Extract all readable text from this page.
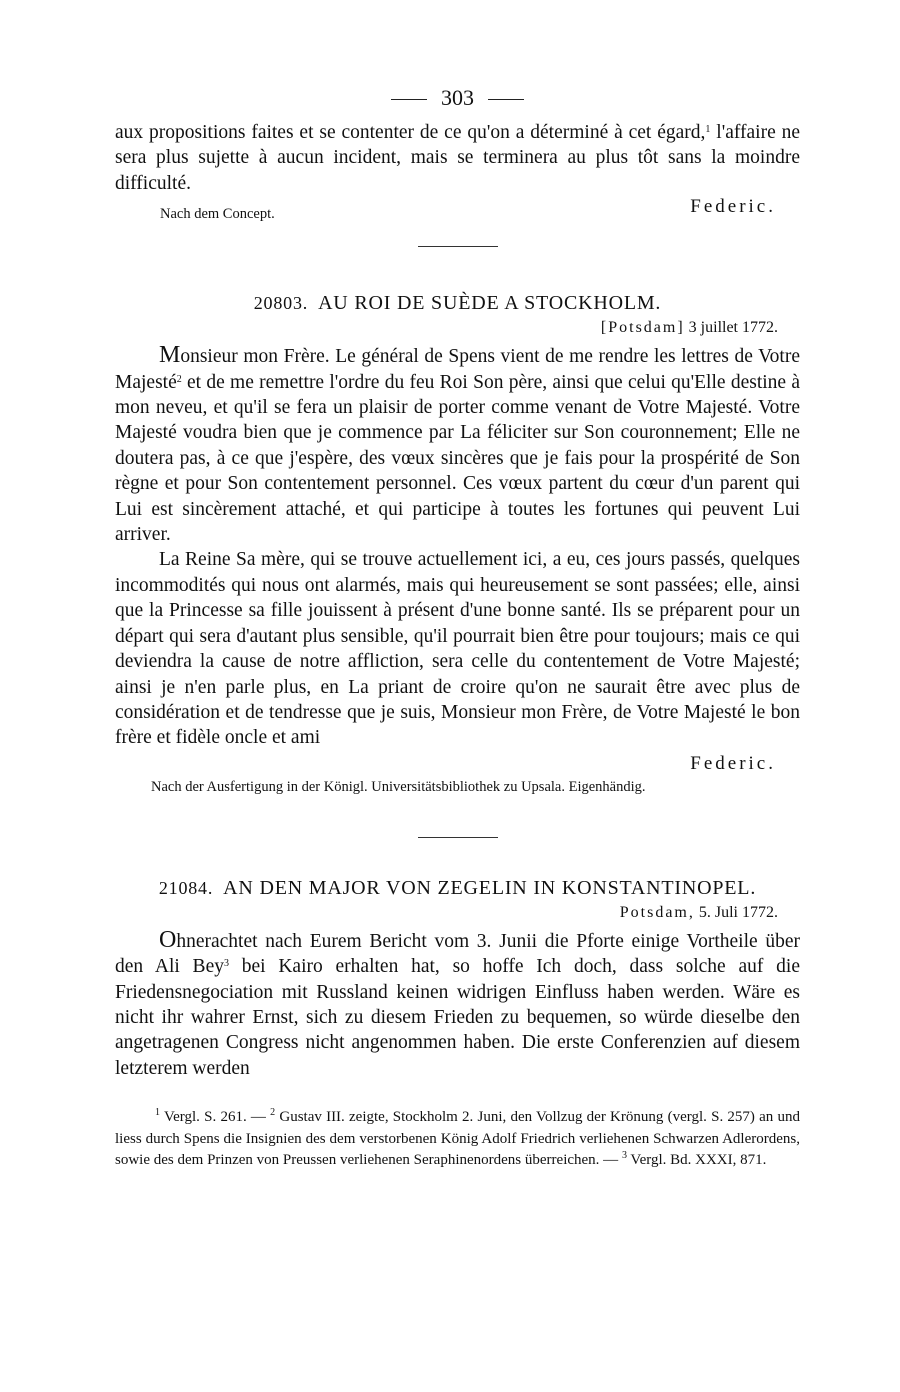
303

aux propositions faites et se contenter de ce qu'on a déterminé à cet égard,$^1$ l'affaire ne sera plus sujette à aucun incident, mais se terminera au plus tôt sans la moindre difficulté.

Nach dem Concept.	Federic.
20803. AU ROI DE SUÈDE A STOCKHOLM.
[Potsdam] 3 juillet 1772.

Monsieur mon Frère. Le général de Spens vient de me rendre les lettres de Votre Majesté$^2$ et de me remettre l'ordre du feu Roi Son père, ainsi que celui qu'Elle destine à mon neveu, et qu'il se fera un plaisir de porter comme venant de Votre Majesté. Votre Majesté voudra bien que je commence par La féliciter sur Son couronnement; Elle ne doutera pas, à ce que j'espère, des vœux sincères que je fais pour la prospérité de Son règne et pour Son contentement personnel. Ces vœux partent du cœur d'un parent qui Lui est sincèrement attaché, et qui participe à toutes les fortunes qui peuvent Lui arriver.

La Reine Sa mère, qui se trouve actuellement ici, a eu, ces jours passés, quelques incommodités qui nous ont alarmés, mais qui heureusement se sont passées; elle, ainsi que la Princesse sa fille jouissent à présent d'une bonne santé. Ils se préparent pour un départ qui sera d'autant plus sensible, qu'il pourrait bien être pour toujours; mais ce qui deviendra la cause de notre affliction, sera celle du contentement de Votre Majesté; ainsi je n'en parle plus, en La priant de croire qu'on ne saurait être avec plus de considération et de tendresse que je suis, Monsieur mon Frère, de Votre Majesté le bon frère et fidèle oncle et ami

Federic.

Nach der Ausfertigung in der Königl. Universitätsbibliothek zu Upsala. Eigenhändig.

21084. AN DEN MAJOR VON ZEGELIN IN KONSTANTINOPEL.
Potsdam, 5. Juli 1772.

Ohnerachtet nach Eurem Bericht vom 3. Junii die Pforte einige Vortheile über den Ali Bey$^3$ bei Kairo erhalten hat, so hoffe Ich doch, dass solche auf die Friedensnegociation mit Russland keinen widrigen Einfluss haben werden. Wäre es nicht ihr wahrer Ernst, sich zu diesem Frieden zu bequemen, so würde dieselbe den angetragenen Congress nicht angenommen haben. Die erste Conferenzien auf diesem letzterem werden

$^1$ Vergl. S. 261. — $^2$ Gustav III. zeigte, Stockholm 2. Juni, den Vollzug der Krönung (vergl. S. 257) an und liess durch Spens die Insignien des dem verstorbenen König Adolf Friedrich verliehenen Schwarzen Adlerordens, sowie des dem Prinzen von Preussen verliehenen Seraphinenordens überreichen. — $^3$ Vergl. Bd. XXXI, 871.
